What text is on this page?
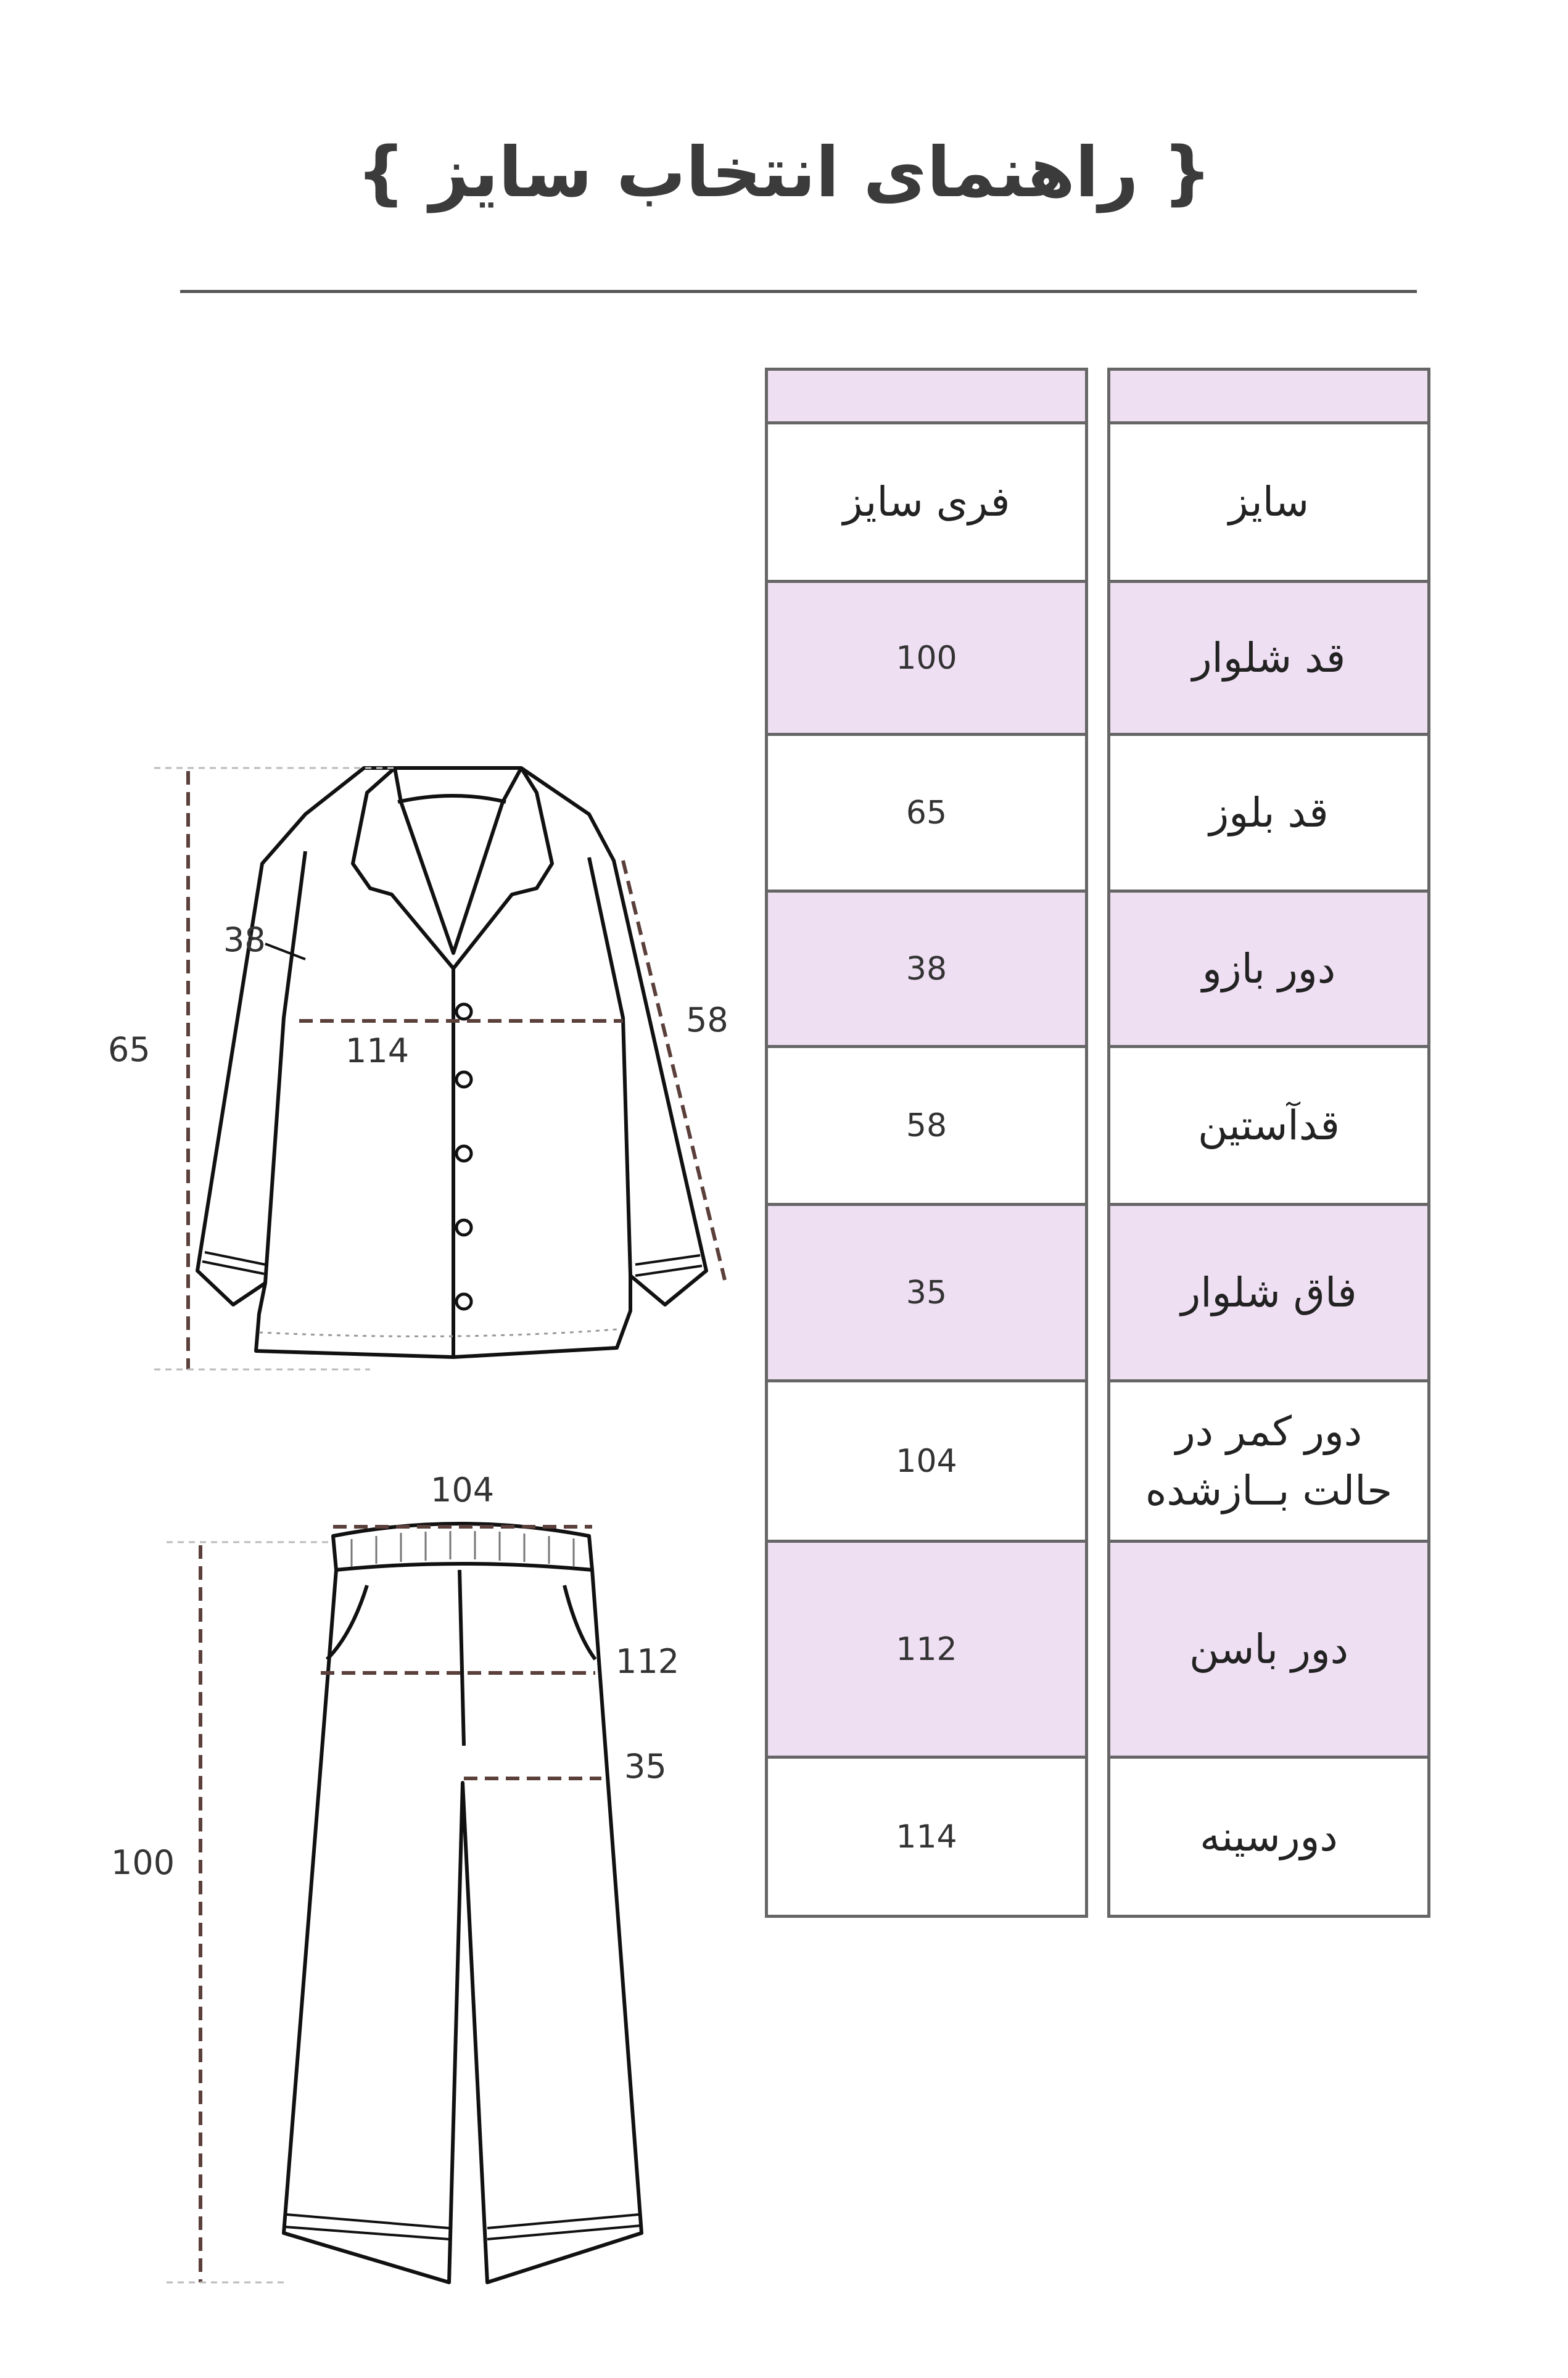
{ راهنمای انتخاب سایز }
سایز
قد شلوار
قد بلوز
دور بازو
قدآستین
فاق شلوار
دور کمر در حالت بــازشده
دور باسن
دورسینه
فری سایز
100
65
38
58
35
104
112
114
65
38
114
58
104
112
35
100
